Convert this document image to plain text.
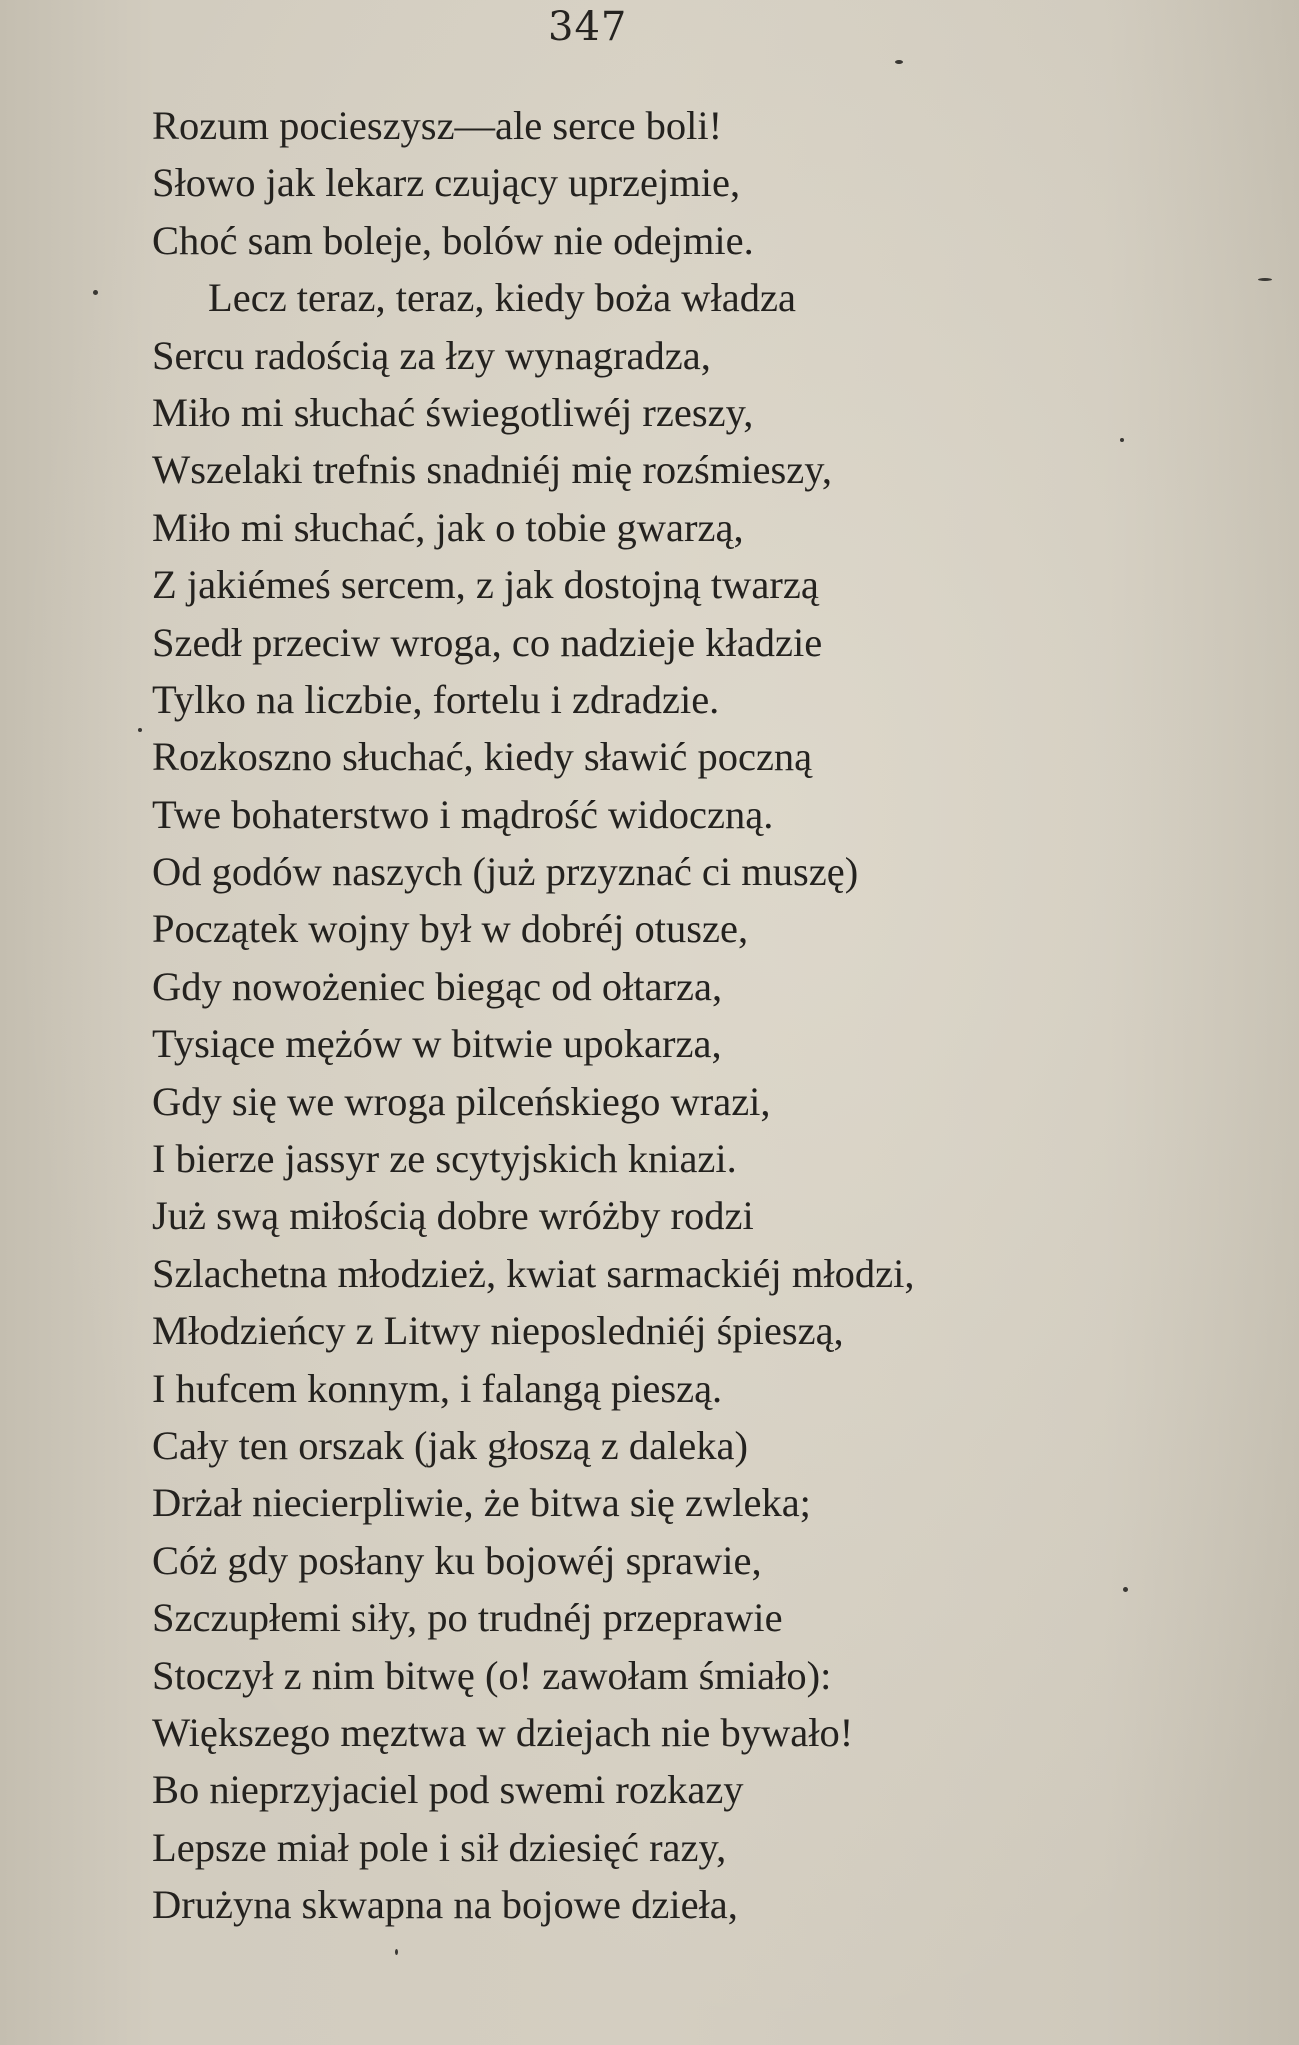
347
Rozum pocieszysz—ale serce boli!
Słowo jak lekarz czujący uprzejmie,
Choć sam boleje, bolów nie odejmie.
Lecz teraz, teraz, kiedy boża władza
Sercu radością za łzy wynagradza,
Miło mi słuchać świegotliwéj rzeszy,
Wszelaki trefnis snadniéj mię rozśmieszy,
Miło mi słuchać, jak o tobie gwarzą,
Z jakiémeś sercem, z jak dostojną twarzą
Szedł przeciw wroga, co nadzieje kładzie
Tylko na liczbie, fortelu i zdradzie.
Rozkoszno słuchać, kiedy sławić poczną
Twe bohaterstwo i mądrość widoczną.
Od godów naszych (już przyznać ci muszę)
Początek wojny był w dobréj otusze,
Gdy nowożeniec biegąc od ołtarza,
Tysiące mężów w bitwie upokarza,
Gdy się we wroga pilceńskiego wrazi,
I bierze jassyr ze scytyjskich kniazi.
Już swą miłością dobre wróżby rodzi
Szlachetna młodzież, kwiat sarmackiéj młodzi,
Młodzieńcy z Litwy nieposledniéj śpieszą,
I hufcem konnym, i falangą pieszą.
Cały ten orszak (jak głoszą z daleka)
Drżał niecierpliwie, że bitwa się zwleka;
Cóż gdy posłany ku bojowéj sprawie,
Szczupłemi siły, po trudnéj przeprawie
Stoczył z nim bitwę (o! zawołam śmiało):
Większego męztwa w dziejach nie bywało!
Bo nieprzyjaciel pod swemi rozkazy
Lepsze miał pole i sił dziesięć razy,
Drużyna skwapna na bojowe dzieła,
